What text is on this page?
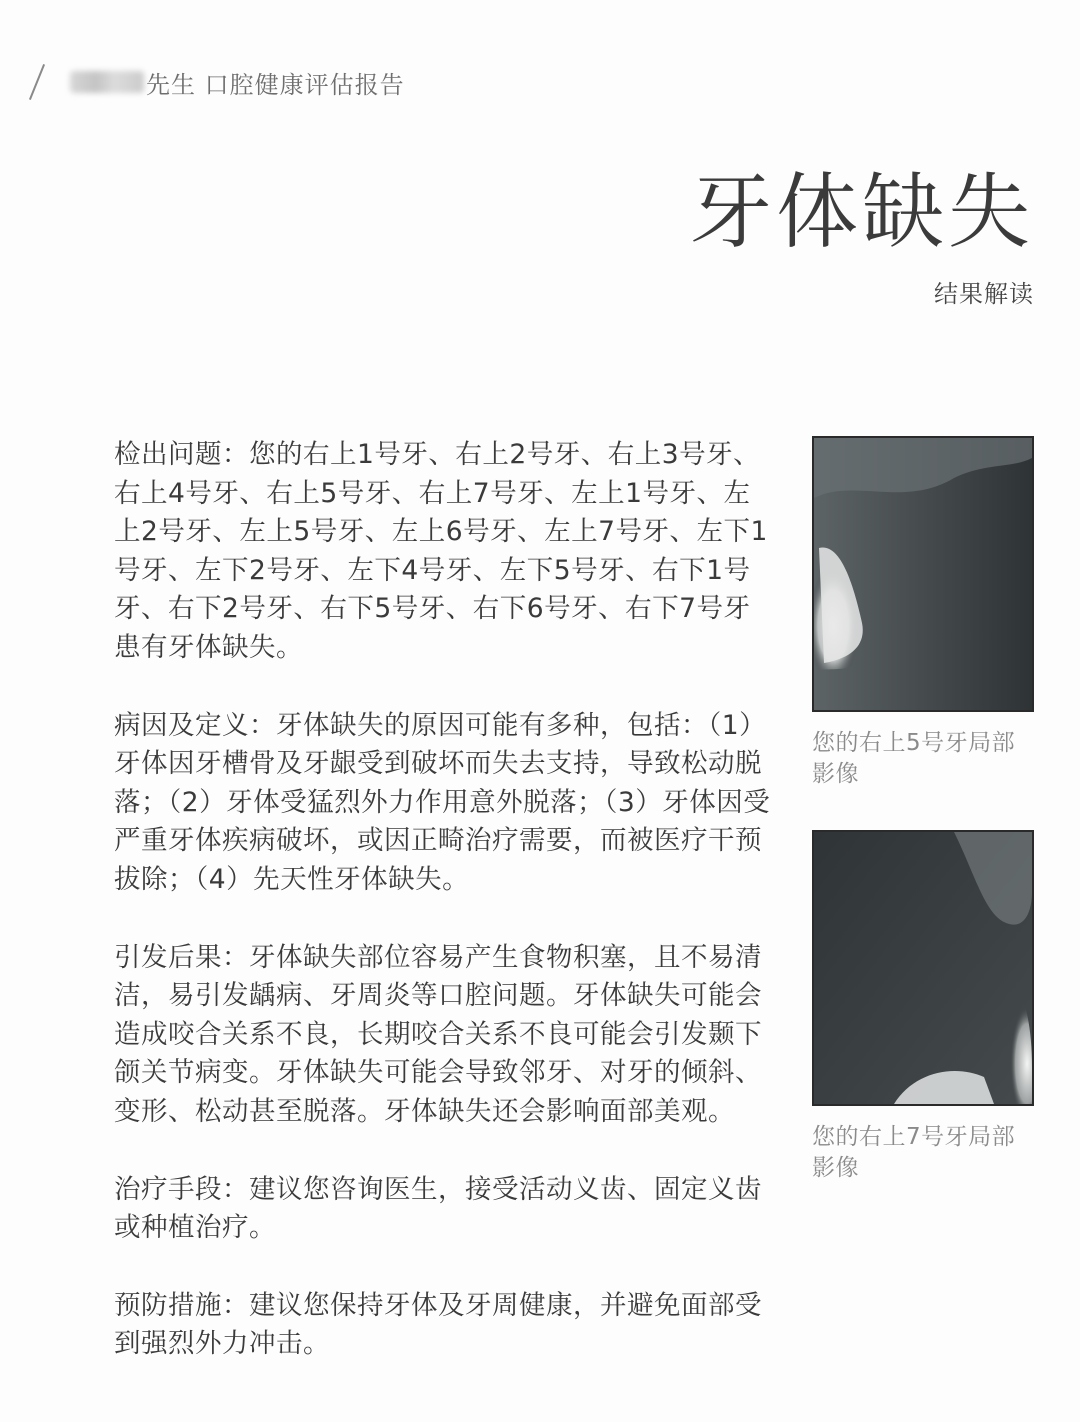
先生 口腔健康评估报告
牙体缺失
结果解读

检出问题：您的右上1号牙、右上2号牙、右上3号牙、右上4号牙、右上5号牙、右上7号牙、左上1号牙、左上2号牙、左上5号牙、左上6号牙、左上7号牙、左下1号牙、左下2号牙、左下4号牙、左下5号牙、右下1号牙、右下2号牙、右下5号牙、右下6号牙、右下7号牙患有牙体缺失。

病因及定义：牙体缺失的原因可能有多种，包括：（1）牙体因牙槽骨及牙龈受到破坏而失去支持，导致松动脱落；（2）牙体受猛烈外力作用意外脱落；（3）牙体因受严重牙体疾病破坏，或因正畸治疗需要，而被医疗干预拔除；（4）先天性牙体缺失。

引发后果：牙体缺失部位容易产生食物积塞，且不易清洁，易引发龋病、牙周炎等口腔问题。牙体缺失可能会造成咬合关系不良，长期咬合关系不良可能会引发颞下颌关节病变。牙体缺失可能会导致邻牙、对牙的倾斜、变形、松动甚至脱落。牙体缺失还会影响面部美观。

治疗手段：建议您咨询医生，接受活动义齿、固定义齿或种植治疗。

预防措施：建议您保持牙体及牙周健康，并避免面部受到强烈外力冲击。

您的右上5号牙局部影像
您的右上7号牙局部影像
